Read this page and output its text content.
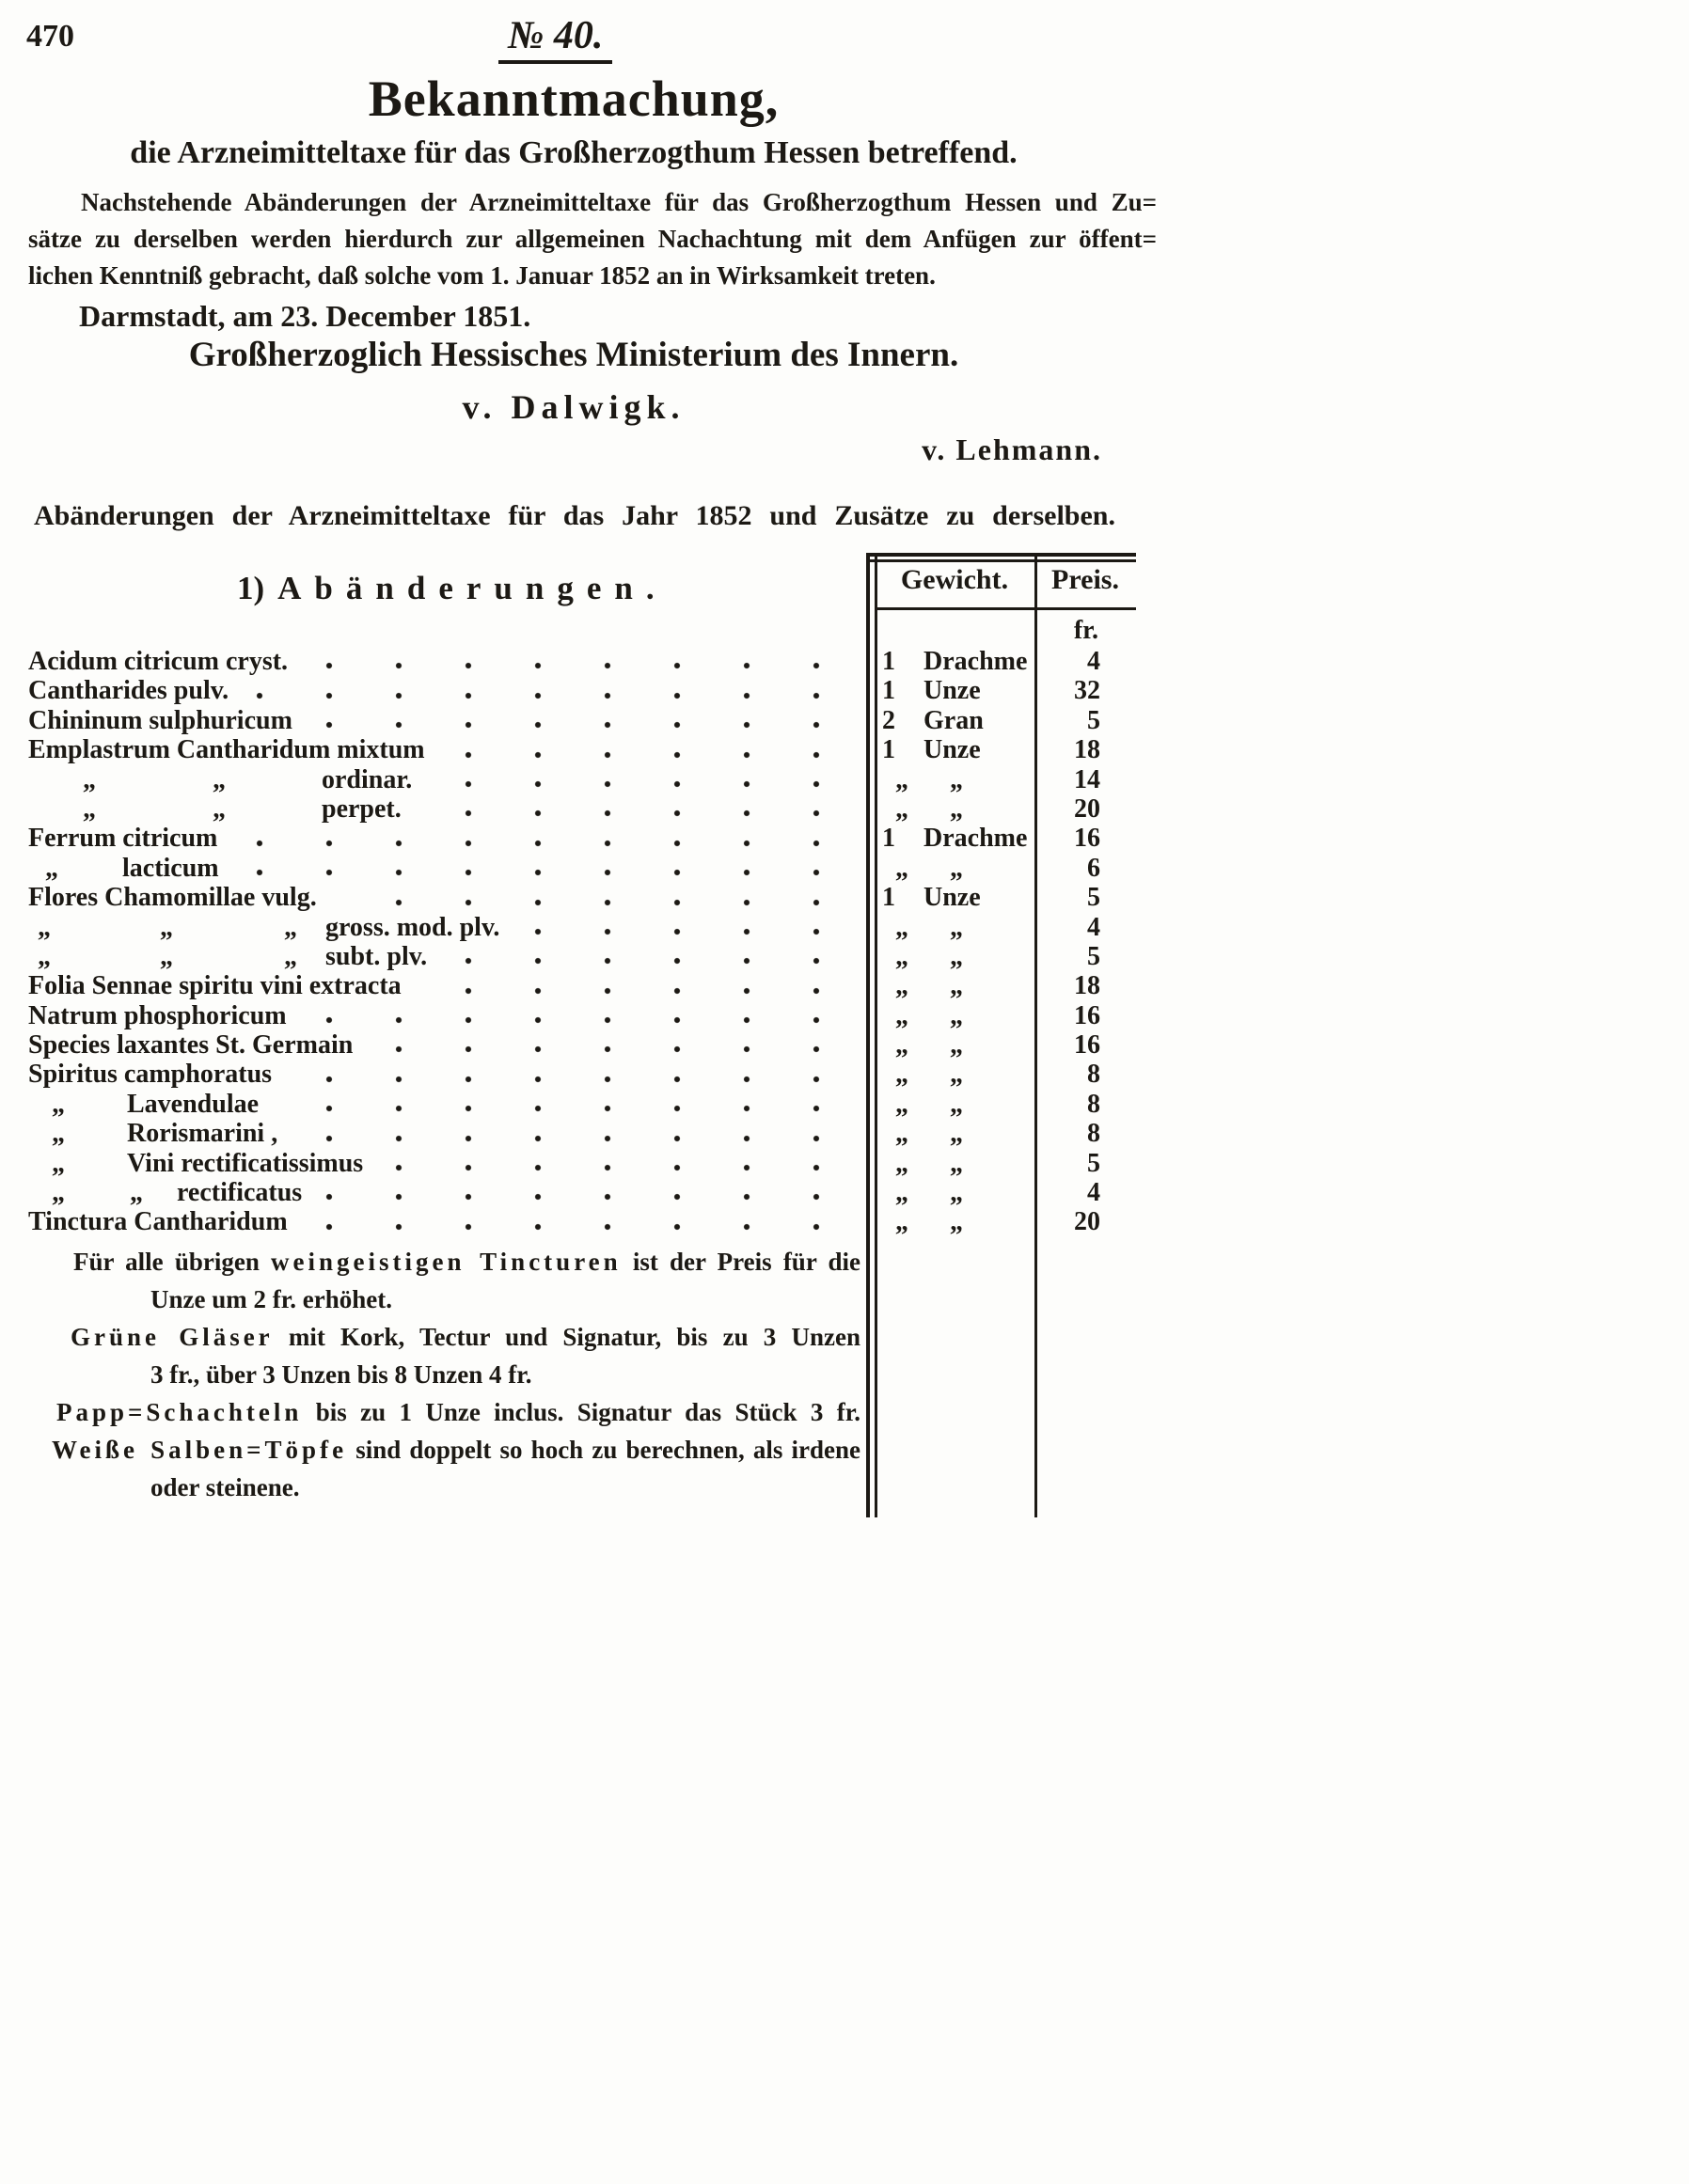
470	№ 40.
Bekanntmachung,
die Arzneimitteltaxe für das Großherzogthum Hessen betreffend.
Nachstehende Abänderungen der Arzneimitteltaxe für das Großherzogthum Hessen und Zu=
sätze zu derselben werden hierdurch zur allgemeinen Nachachtung mit dem Anfügen zur öffent=
lichen Kenntniß gebracht, daß solche vom 1. Januar 1852 an in Wirksamkeit treten.
Darmstadt, am 23. December 1851.
Großherzoglich Hessisches Ministerium des Innern.
v. Dalwigk.
v. Lehmann.
Abänderungen der Arzneimitteltaxe für das Jahr 1852 und Zusätze zu derselben.
Gewicht.	Preis.
fr.
1) Abänderungen.
Acidum citricum cryst.	1 Drachme	4
Cantharides pulv.	1 Unze	32
Chininum sulphuricum	2 Gran	5
Emplastrum Cantharidum mixtum	1 Unze	18
„	„	ordinar.	„ „	14
„	„	perpet.	„ „	20
Ferrum citricum	1 Drachme	16
„ lacticum	„ „	6
Flores Chamomillae vulg.	1 Unze	5
„	„	„ gross. mod. plv.	„ „	4
„	„	„ subt. plv.	„ „	5
Folia Sennae spiritu vini extracta	„ „	18
Natrum phosphoricum	„ „	16
Species laxantes St. Germain	„ „	16
Spiritus camphoratus	„ „	8
„ Lavendulae	„ „	8
„ Rorismarini ,	„ „	8
„ Vini rectificatissimus	„ „	5
„ „ rectificatus	„ „	4
Tinctura Cantharidum	„ „	20
Für alle übrigen weingeistigen Tincturen ist der Preis für die
Unze um 2 fr. erhöhet.
Grüne Gläser mit Kork, Tectur und Signatur, bis zu 3 Unzen
3 fr., über 3 Unzen bis 8 Unzen 4 fr.
Papp=Schachteln bis zu 1 Unze inclus. Signatur das Stück 3 fr.
Weiße Salben=Töpfe sind doppelt so hoch zu berechnen, als irdene
oder steinene.
